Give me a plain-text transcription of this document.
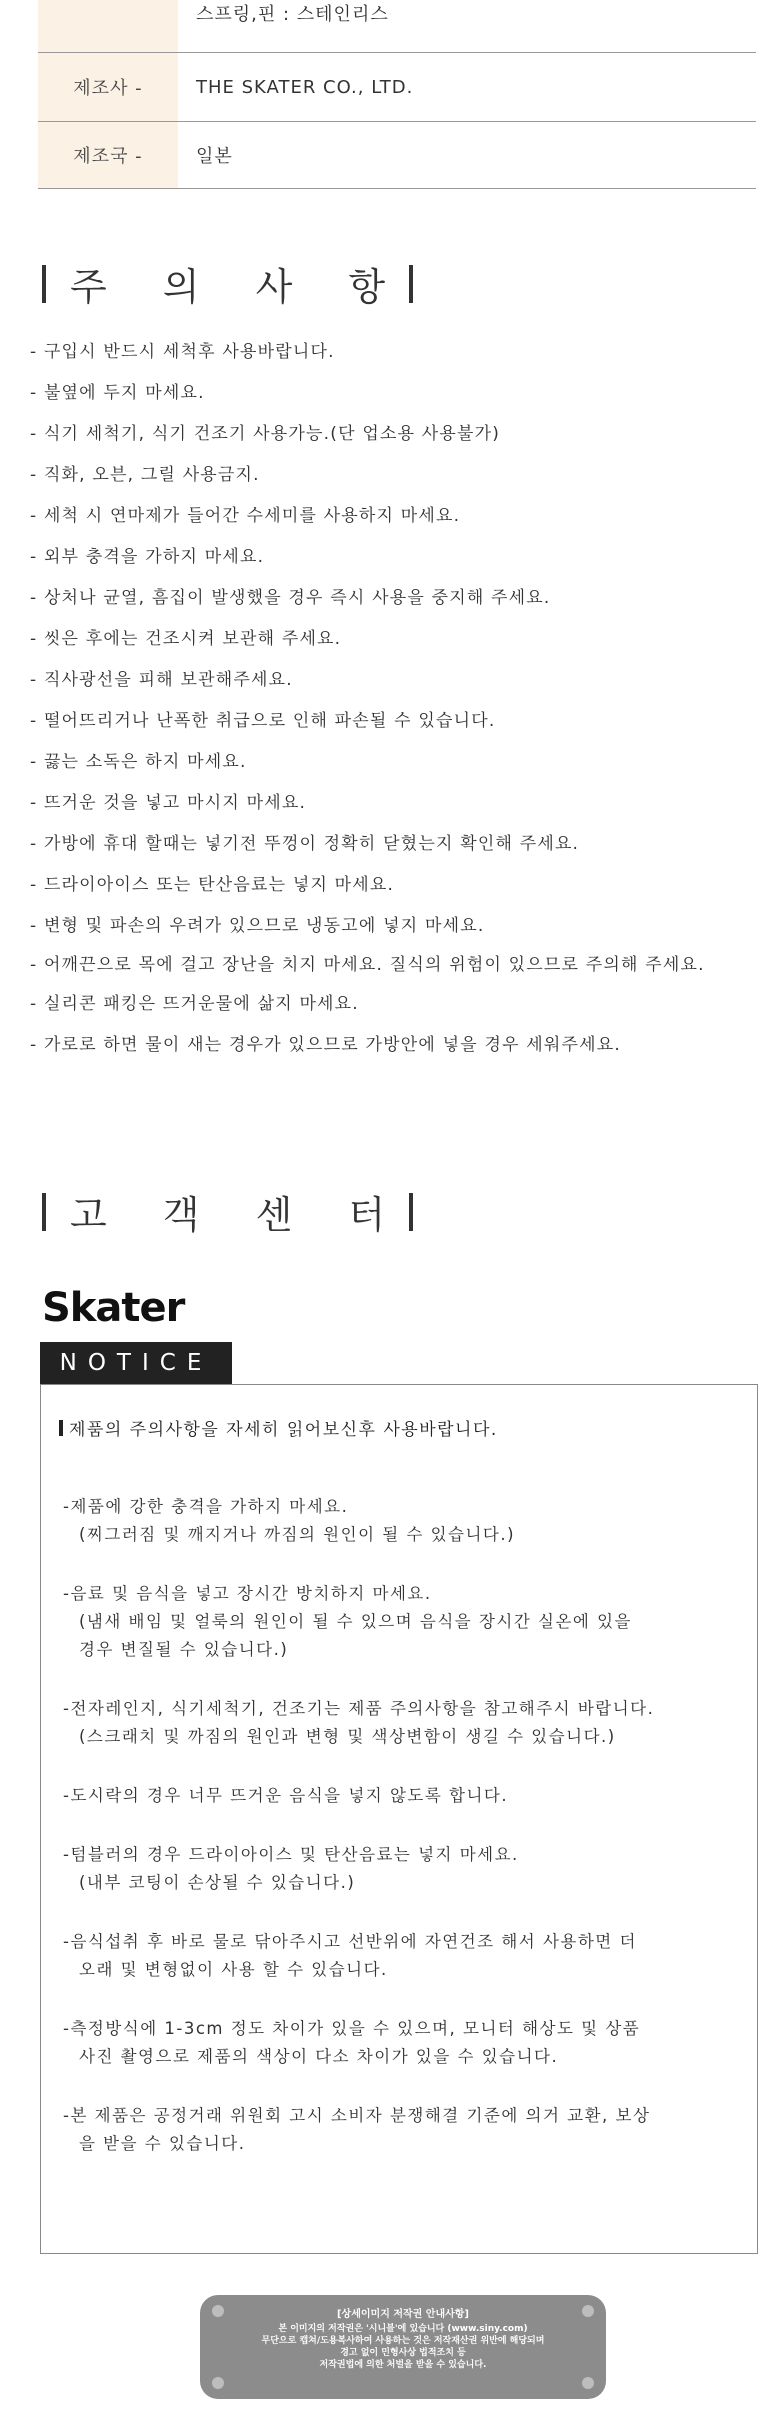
스프링,핀 : 스테인리스
제조사 -	THE SKATER CO., LTD.
제조국 -	일본
주 의 사 항
- 구입시 반드시 세척후 사용바랍니다.
- 불옆에 두지 마세요.
- 식기 세척기, 식기 건조기 사용가능.(단 업소용 사용불가)
- 직화, 오븐, 그릴 사용금지.
- 세척 시 연마제가 들어간 수세미를 사용하지 마세요.
- 외부 충격을 가하지 마세요.
- 상처나 균열, 흠집이 발생했을 경우 즉시 사용을 중지해 주세요.
- 씻은 후에는 건조시켜 보관해 주세요.
- 직사광선을 피해 보관해주세요.
- 떨어뜨리거나 난폭한 취급으로 인해 파손될 수 있습니다.
- 끓는 소독은 하지 마세요.
- 뜨거운 것을 넣고 마시지 마세요.
- 가방에 휴대 할때는 넣기전 뚜껑이 정확히 닫혔는지 확인해 주세요.
- 드라이아이스 또는 탄산음료는 넣지 마세요.
- 변형 및 파손의 우려가 있으므로 냉동고에 넣지 마세요.
- 어깨끈으로 목에 걸고 장난을 치지 마세요. 질식의 위험이 있으므로 주의해 주세요.
- 실리콘 패킹은 뜨거운물에 삶지 마세요.
- 가로로 하면 물이 새는 경우가 있으므로 가방안에 넣을 경우 세워주세요.
고 객 센 터
Skater
NOTICE
제품의 주의사항을 자세히 읽어보신후 사용바랍니다.
-제품에 강한 충격을 가하지 마세요.
(찌그러짐 및 깨지거나 까짐의 원인이 될 수 있습니다.)
-음료 및 음식을 넣고 장시간 방치하지 마세요.
(냄새 배임 및 얼룩의 원인이 될 수 있으며 음식을 장시간 실온에 있을
경우 변질될 수 있습니다.)
-전자레인지, 식기세척기, 건조기는 제품 주의사항을 참고해주시 바랍니다.
(스크래치 및 까짐의 원인과 변형 및 색상변함이 생길 수 있습니다.)
-도시락의 경우 너무 뜨거운 음식을 넣지 않도록 합니다.
-텀블러의 경우 드라이아이스 및 탄산음료는 넣지 마세요.
(내부 코팅이 손상될 수 있습니다.)
-음식섭취 후 바로 물로 닦아주시고 선반위에 자연건조 해서 사용하면 더
오래 및 변형없이 사용 할 수 있습니다.
-측정방식에 1-3cm 정도 차이가 있을 수 있으며, 모니터 해상도 및 상품
사진 촬영으로 제품의 색상이 다소 차이가 있을 수 있습니다.
-본 제품은 공정거래 위원회 고시 소비자 분쟁해결 기준에 의거 교환, 보상
을 받을 수 있습니다.
[상세이미지 저작권 안내사항]
본 이미지의 저작권은 '시니블'에 있습니다 (www.siny.com)
무단으로 캡쳐/도용복사하여 사용하는 것은 저작재산권 위반에 해당되며
경고 없이 민형사상 법적조치 등
저작권법에 의한 처벌을 받을 수 있습니다.
